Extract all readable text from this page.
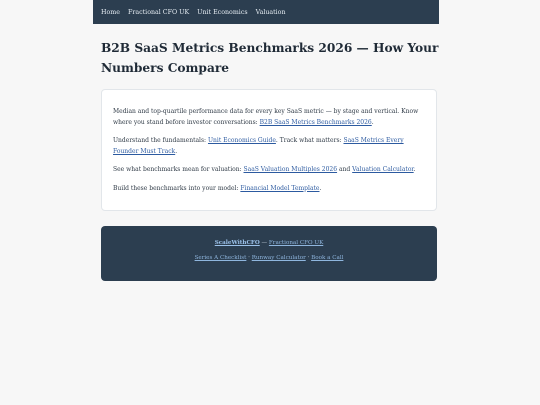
Home Fractional CFO UK Unit Economics Valuation
B2B SaaS Metrics Benchmarks 2026 — How Your Numbers Compare

Median and top-quartile performance data for every key SaaS metric — by stage and vertical. Know where you stand before investor conversations: B2B SaaS Metrics Benchmarks 2026.

Understand the fundamentals: Unit Economics Guide. Track what matters: SaaS Metrics Every Founder Must Track.

See what benchmarks mean for valuation: SaaS Valuation Multiples 2026 and Valuation Calculator.

Build these benchmarks into your model: Financial Model Template.

ScaleWithCFO — Fractional CFO UK
Series A Checklist · Runway Calculator · Book a Call
